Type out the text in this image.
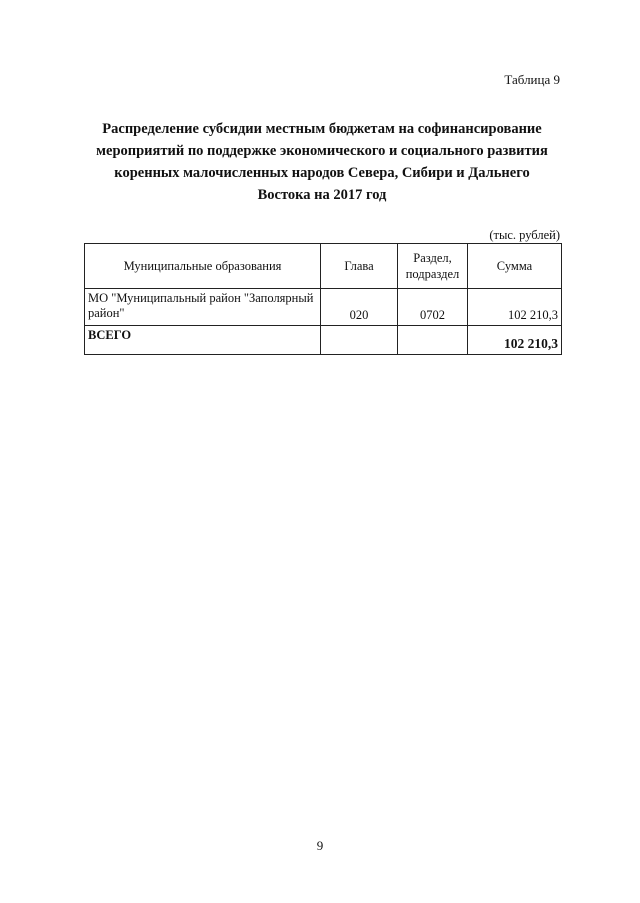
Таблица 9
Распределение субсидии местным бюджетам на софинансирование
мероприятий по поддержке экономического и социального развития
коренных малочисленных народов Севера, Сибири и Дальнего
Востока на 2017 год
(тыс. рублей)
Муниципальные образования	Глава	Раздел, подраздел	Сумма
МО "Муниципальный район "Заполярный район"	020	0702	102 210,3
ВСЕГО			102 210,3
9
